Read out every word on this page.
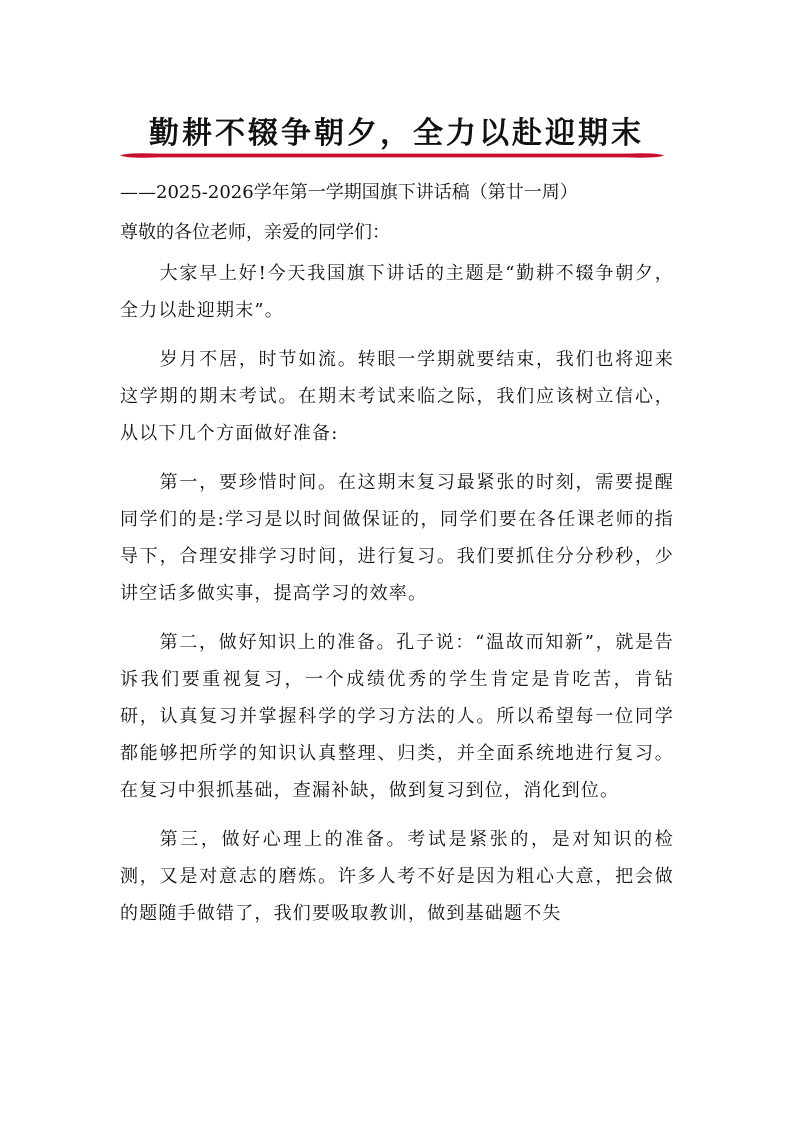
勤耕不辍争朝夕，全力以赴迎期末
——2025-2026学年第一学期国旗下讲话稿（第廿一周）
尊敬的各位老师，亲爱的同学们：

大家早上好!今天我国旗下讲话的主题是“勤耕不辍争朝夕，全力以赴迎期末”。

岁月不居，时节如流。转眼一学期就要结束，我们也将迎来这学期的期末考试。在期末考试来临之际，我们应该树立信心，从以下几个方面做好准备:

第一，要珍惜时间。在这期末复习最紧张的时刻，需要提醒同学们的是:学习是以时间做保证的，同学们要在各任课老师的指导下，合理安排学习时间，进行复习。我们要抓住分分秒秒，少讲空话多做实事，提高学习的效率。

第二，做好知识上的准备。孔子说：“温故而知新”，就是告诉我们要重视复习，一个成绩优秀的学生肯定是肯吃苦，肯钻研，认真复习并掌握科学的学习方法的人。所以希望每一位同学都能够把所学的知识认真整理、归类，并全面系统地进行复习。在复习中狠抓基础，查漏补缺，做到复习到位，消化到位。

第三，做好心理上的准备。考试是紧张的，是对知识的检测，又是对意志的磨炼。许多人考不好是因为粗心大意，把会做的题随手做错了，我们要吸取教训，做到基础题不失
